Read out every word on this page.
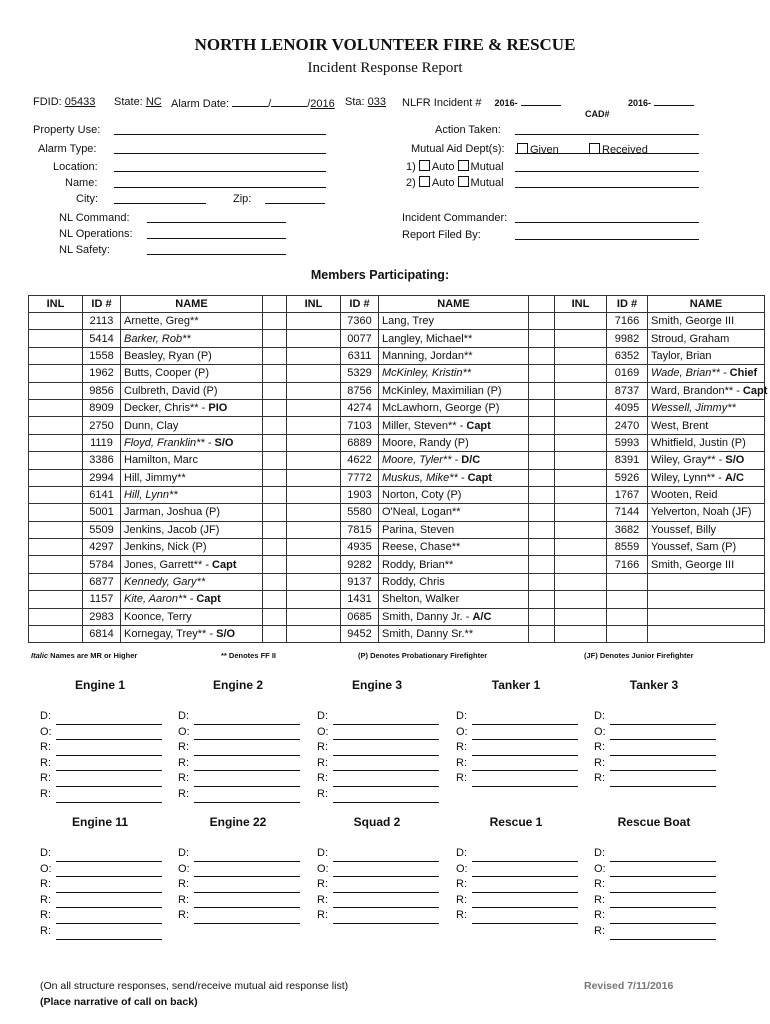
NORTH LENOIR VOLUNTEER FIRE & RESCUE
Incident Response Report
FDID: 05433 State: NC Alarm Date:	/	/2016 Sta: 033 NLFR Incident # 2016-	2016-
CAD#
Property Use:
Alarm Type:
Location:
Name:
City:	Zip:
NL Command:
NL Operations:
NL Safety:
Action Taken:
Mutual Aid Dept(s):	Given	Received
1) Auto Mutual
2) Auto Mutual
Incident Commander:
Report Filed By:
Members Participating:
INL	ID #	NAME		INL	ID #	NAME		INL	ID #	NAME
	2113	Arnette, Greg**			7360	Lang, Trey			7166	Smith, George III
	5414	Barker, Rob**			0077	Langley, Michael**			9982	Stroud, Graham
	1558	Beasley, Ryan (P)			6311	Manning, Jordan**			6352	Taylor, Brian
	1962	Butts, Cooper (P)			5329	McKinley, Kristin**			0169	Wade, Brian** - Chief
	9856	Culbreth, David (P)			8756	McKinley, Maximilian (P)			8737	Ward, Brandon** - Capt
	8909	Decker, Chris** - PIO			4274	McLawhorn, George (P)			4095	Wessell, Jimmy**
	2750	Dunn, Clay			7103	Miller, Steven** - Capt			2470	West, Brent
	1119	Floyd, Franklin** - S/O			6889	Moore, Randy (P)			5993	Whitfield, Justin (P)
	3386	Hamilton, Marc			4622	Moore, Tyler** - D/C			8391	Wiley, Gray** - S/O
	2994	Hill, Jimmy**			7772	Muskus, Mike** - Capt			5926	Wiley, Lynn** - A/C
	6141	Hill, Lynn**			1903	Norton, Coty (P)			1767	Wooten, Reid
	5001	Jarman, Joshua (P)			5580	O'Neal, Logan**			7144	Yelverton, Noah (JF)
	5509	Jenkins, Jacob (JF)			7815	Parina, Steven			3682	Youssef, Billy
	4297	Jenkins, Nick (P)			4935	Reese, Chase**			8559	Youssef, Sam (P)
	5784	Jones, Garrett** - Capt			9282	Roddy, Brian**			7166	Smith, George III
	6877	Kennedy, Gary**			9137	Roddy, Chris				
	1157	Kite, Aaron** - Capt			1431	Shelton, Walker				
	2983	Koonce, Terry			0685	Smith, Danny Jr. - A/C				
	6814	Kornegay, Trey** - S/O			9452	Smith, Danny Sr.**				
Italic Names are MR or Higher	** Denotes FF II	(P) Denotes Probationary Firefighter	(JF) Denotes Junior Firefighter
Engine 1
D:
O:
R:
R:
R:
R:
Engine 2
D:
O:
R:
R:
R:
R:
Engine 3
D:
O:
R:
R:
R:
R:
Tanker 1
D:
O:
R:
R:
R:
Tanker 3
D:
O:
R:
R:
R:
Engine 11
D:
O:
R:
R:
R:
R:
Engine 22
D:
O:
R:
R:
R:
Squad 2
D:
O:
R:
R:
R:
Rescue 1
D:
O:
R:
R:
R:
Rescue Boat
D:
O:
R:
R:
R:
R:
(On all structure responses, send/receive mutual aid response list)
(Place narrative of call on back)
Revised 7/11/2016
